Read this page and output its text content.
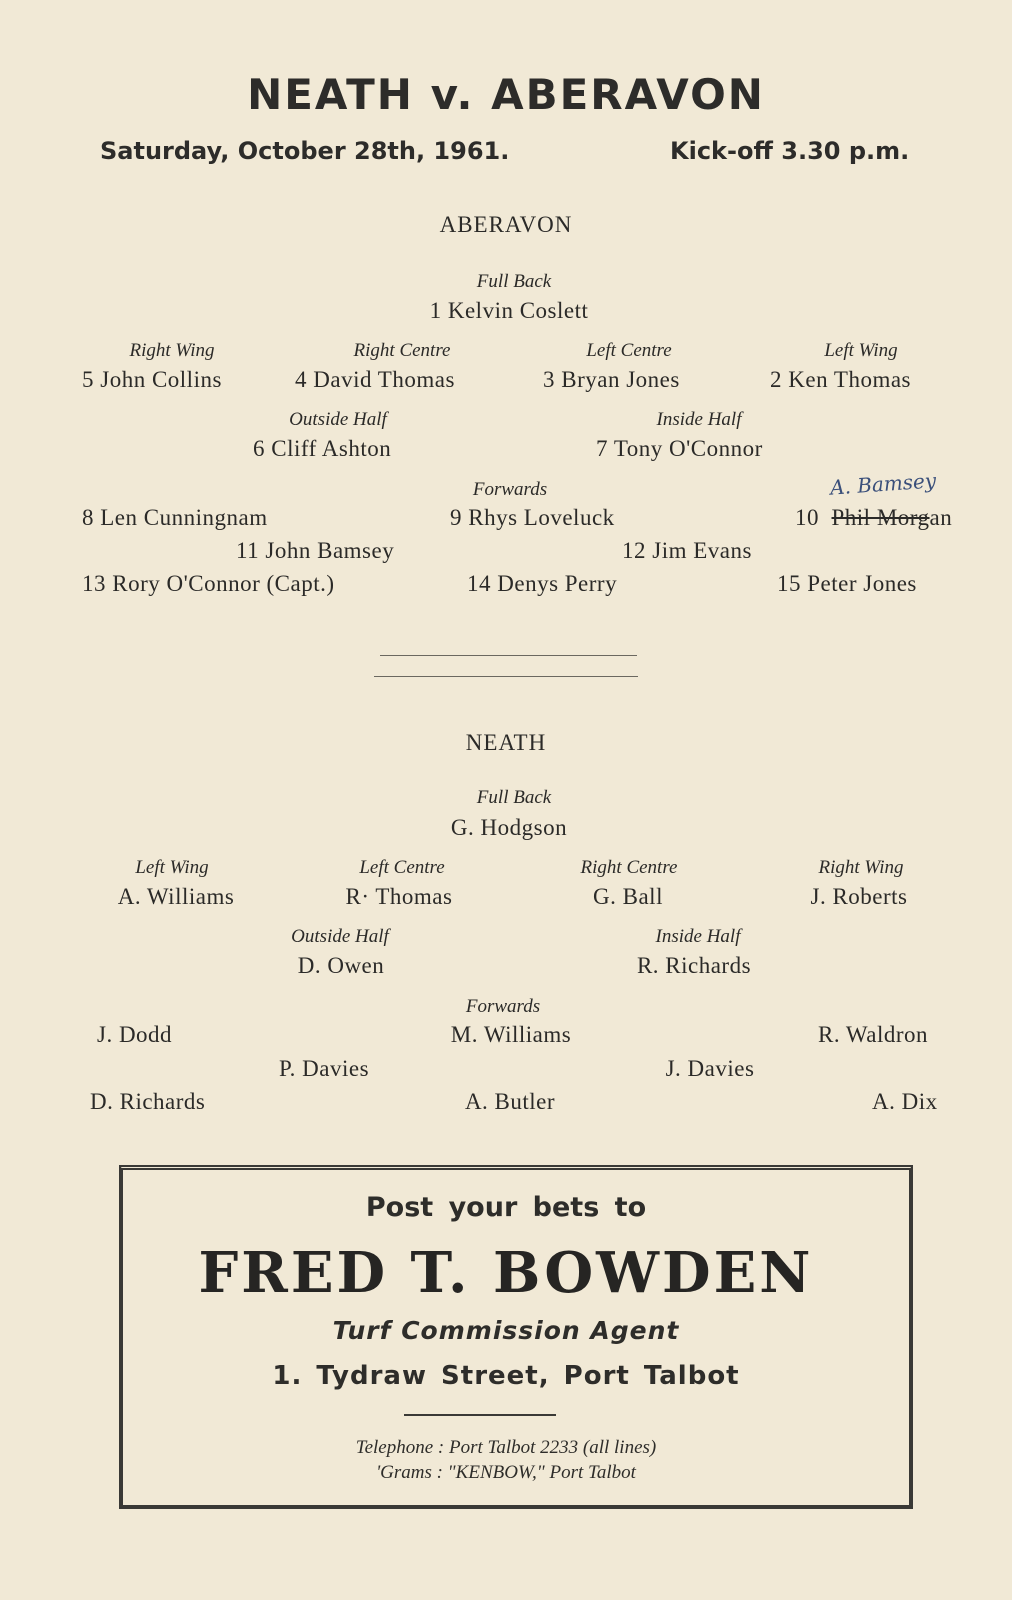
NEATH v. ABERAVON
Saturday, October 28th, 1961.	Kick-off 3.30 p.m.
ABERAVON
Full Back
1 Kelvin Coslett
Right Wing	Right Centre	Left Centre	Left Wing
5 John Collins	4 David Thomas	3 Bryan Jones	2 Ken Thomas
Outside Half	Inside Half
6 Cliff Ashton	7 Tony O'Connor
Forwards	A. Bamsey
8 Len Cunningnam	9 Rhys Loveluck	10 Phil Morgan
11 John Bamsey	12 Jim Evans
13 Rory O'Connor (Capt.)	14 Denys Perry	15 Peter Jones
NEATH
Full Back
G. Hodgson
Left Wing	Left Centre	Right Centre	Right Wing
A. Williams	R· Thomas	G. Ball	J. Roberts
Outside Half	Inside Half
D. Owen	R. Richards
Forwards
J. Dodd	M. Williams	R. Waldron
P. Davies	J. Davies
D. Richards	A. Butler	A. Dix
Post your bets to
FRED T. BOWDEN
Turf Commission Agent
1. Tydraw Street, Port Talbot
Telephone : Port Talbot 2233 (all lines)
'Grams : "KENBOW," Port Talbot
